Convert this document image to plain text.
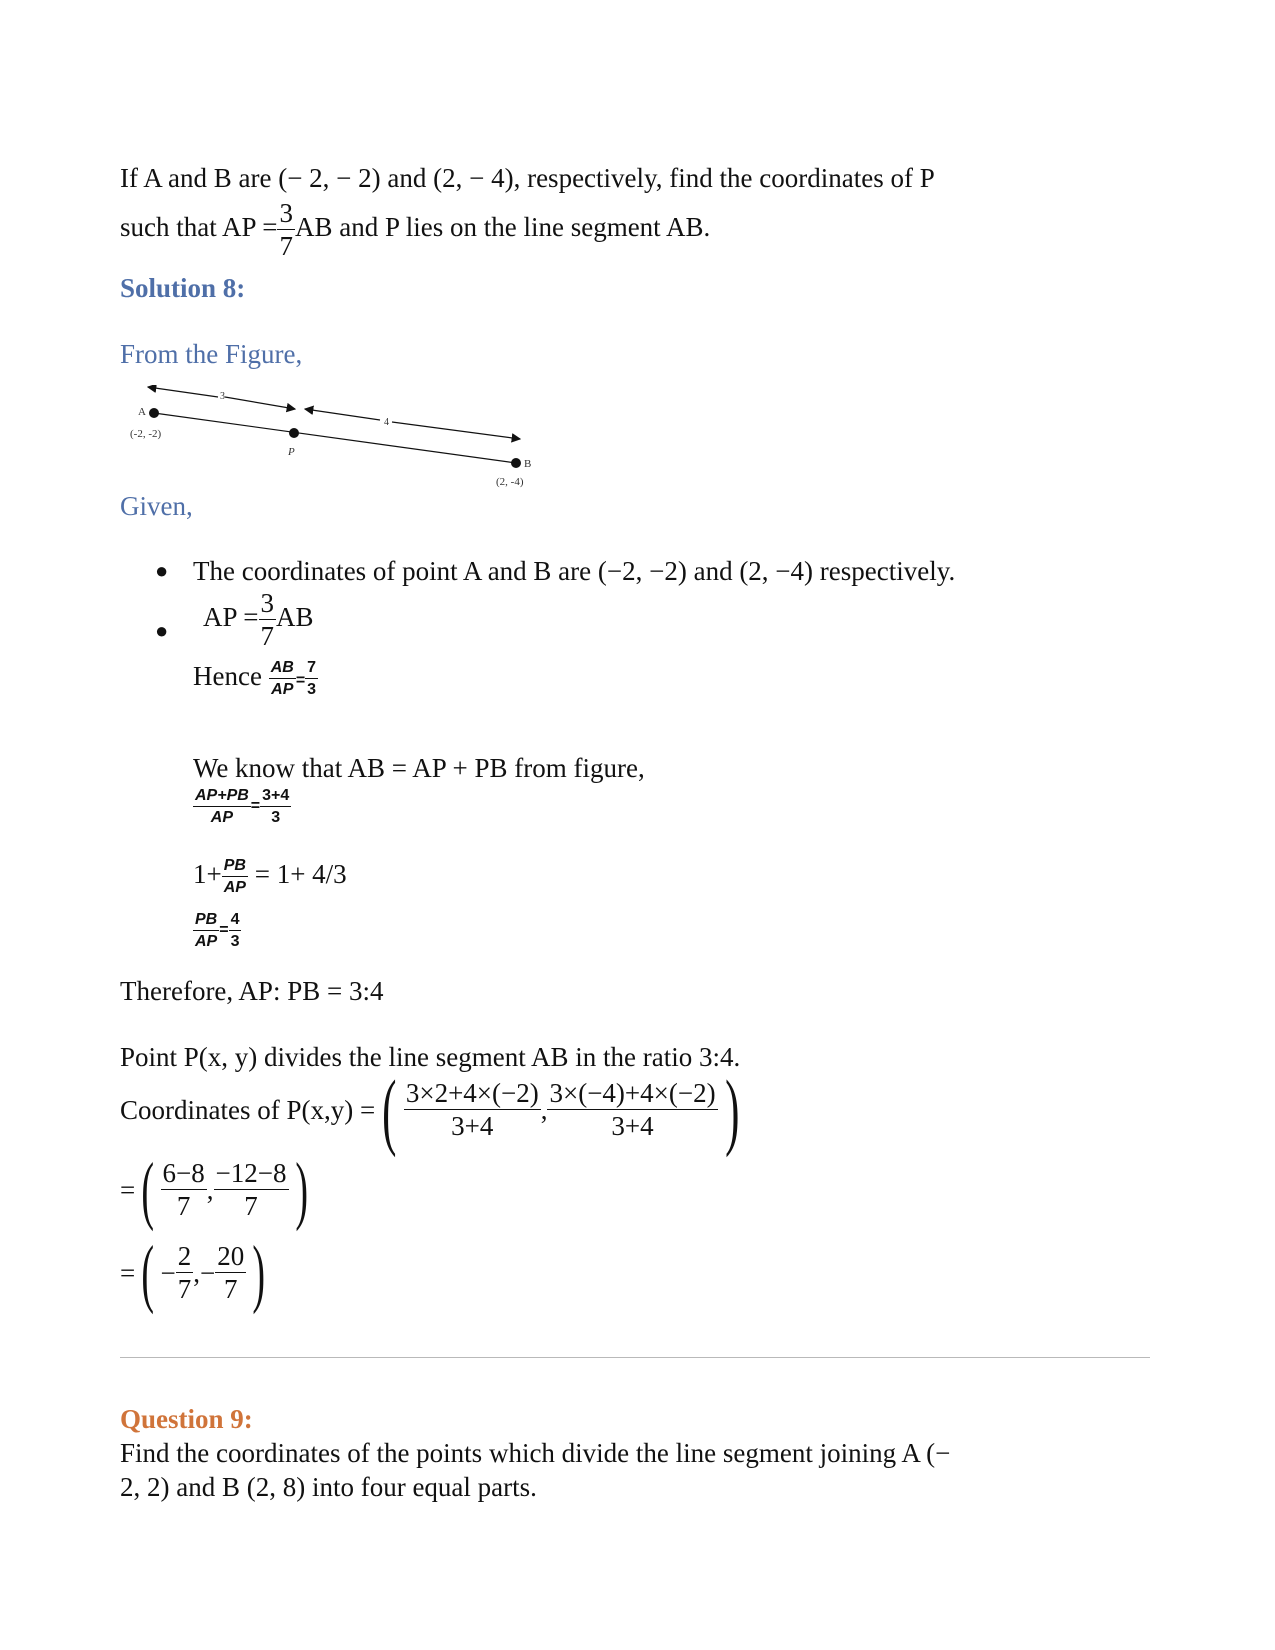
If A and B are (− 2, − 2) and (2, − 4), respectively, find the coordinates of P
such that AP = $\frac{3}{7}$ AB and P lies on the line segment AB.
Solution 8:
From the Figure,
A
(-2, -2)
3
4
P
B
(2, -4)
Given,
● The coordinates of point A and B are (−2, −2) and (2, −4) respectively.
● AP = $\frac{3}{7}$ AB
Hence $\frac{AB}{AP} = \frac{7}{3}$
We know that AB = AP + PB from figure,
$\frac{AP+PB}{AP} = \frac{3+4}{3}$
$1+ \frac{PB}{AP} = 1+ 4/3$
$\frac{PB}{AP} = \frac{4}{3}$
Therefore, AP: PB = 3:4
Point P(x, y) divides the line segment AB in the ratio 3:4.
Coordinates of P(x,y) =( $\frac{3\times 2+4\times(-2)}{3+4}$ , $\frac{3\times(-4)+4\times(-2)}{3+4}$ )
=( $\frac{6-8}{7}$ , $\frac{-12-8}{7}$ )
=( − $\frac{2}{7}$ ,− $\frac{20}{7}$ )
Question 9:
Find the coordinates of the points which divide the line segment joining A (−
2, 2) and B (2, 8) into four equal parts.
